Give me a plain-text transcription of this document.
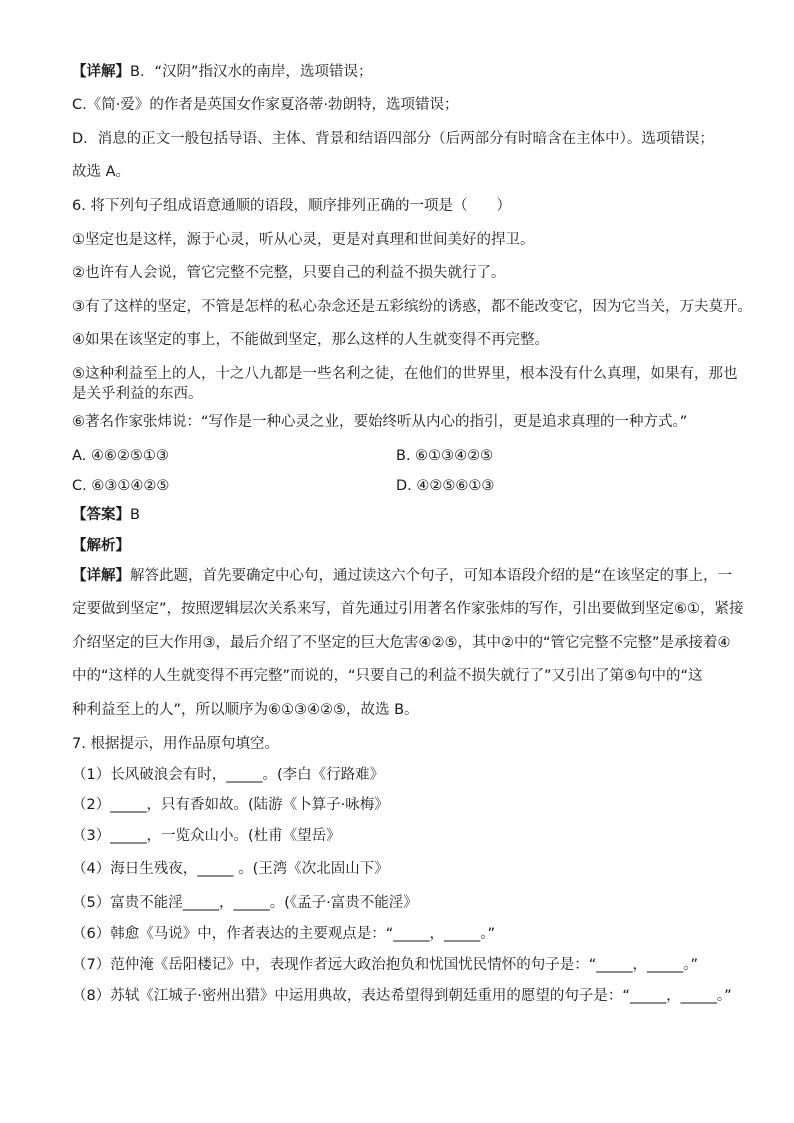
【详解】B．“汉阴”指汉水的南岸，选项错误；
C.《简·爱》的作者是英国女作家夏洛蒂·勃朗特，选项错误；
D．消息的正文一般包括导语、主体、背景和结语四部分（后两部分有时暗含在主体中）。选项错误；
故选 A。
6. 将下列句子组成语意通顺的语段，顺序排列正确的一项是（　　）
①坚定也是这样，源于心灵，听从心灵，更是对真理和世间美好的捍卫。
②也许有人会说，管它完整不完整，只要自己的利益不损失就行了。
③有了这样的坚定，不管是怎样的私心杂念还是五彩缤纷的诱惑，都不能改变它，因为它当关，万夫莫开。
④如果在该坚定的事上，不能做到坚定，那么这样的人生就变得不再完整。
⑤这种利益至上的人，十之八九都是一些名利之徒，在他们的世界里，根本没有什么真理，如果有，那也
是关乎利益的东西。
⑥著名作家张炜说：“写作是一种心灵之业，要始终听从内心的指引，更是追求真理的一种方式。”
A. ④⑥②⑤①③	B. ⑥①③④②⑤
C. ⑥③①④②⑤	D. ④②⑤⑥①③
【答案】B
【解析】
【详解】解答此题，首先要确定中心句，通过读这六个句子，可知本语段介绍的是“在该坚定的事上，一
定要做到坚定”，按照逻辑层次关系来写，首先通过引用著名作家张炜的写作，引出要做到坚定⑥①，紧接
介绍坚定的巨大作用③，最后介绍了不坚定的巨大危害④②⑤，其中②中的“管它完整不完整”是承接着④
中的“这样的人生就变得不再完整”而说的，“只要自己的利益不损失就行了”又引出了第⑤句中的“这
种利益至上的人”，所以顺序为⑥①③④②⑤，故选 B。
7. 根据提示，用作品原句填空。
（1）长风破浪会有时，_____。(李白《行路难》
（2）_____，只有香如故。(陆游《卜算子·咏梅》
（3）_____，一览众山小。(杜甫《望岳》
（4）海日生残夜，_____ 。(王湾《次北固山下》
（5）富贵不能淫_____，_____。(《孟子·富贵不能淫》
（6）韩愈《马说》中，作者表达的主要观点是：“_____，_____。”
（7）范仲淹《岳阳楼记》中，表现作者远大政治抱负和忧国忧民情怀的句子是：“_____，_____。”
（8）苏轼《江城子·密州出猎》中运用典故，表达希望得到朝廷重用的愿望的句子是：“_____，_____。”
